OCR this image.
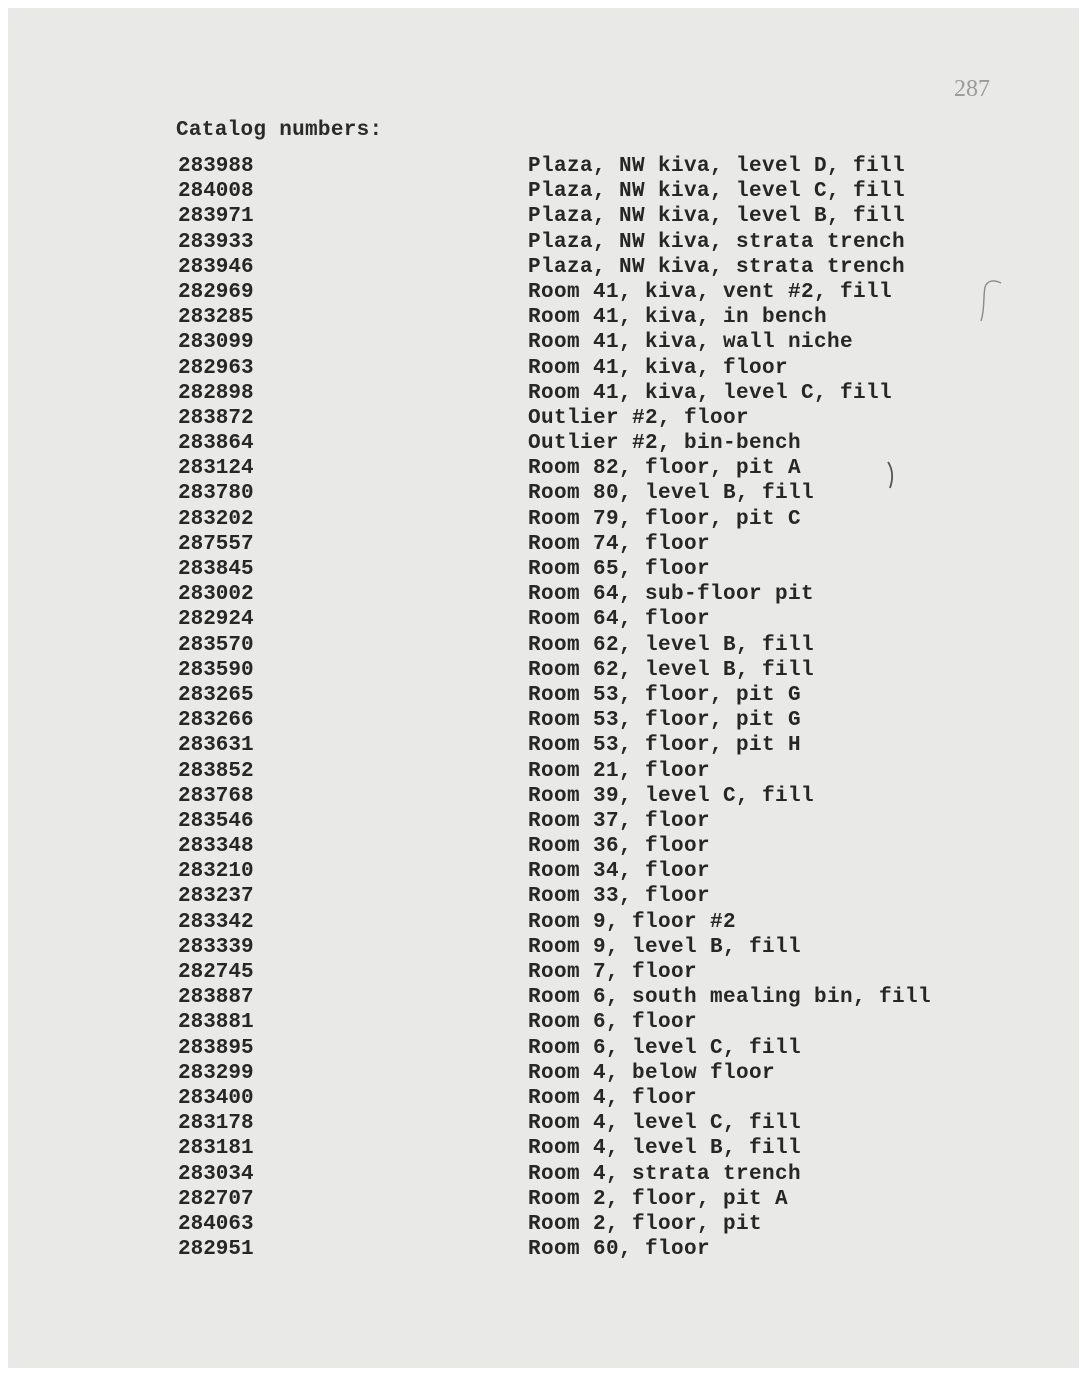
287
Catalog numbers:
283988	Plaza, NW kiva, level D, fill
284008	Plaza, NW kiva, level C, fill
283971	Plaza, NW kiva, level B, fill
283933	Plaza, NW kiva, strata trench
283946	Plaza, NW kiva, strata trench
282969	Room 41, kiva, vent #2, fill
283285	Room 41, kiva, in bench
283099	Room 41, kiva, wall niche
282963	Room 41, kiva, floor
282898	Room 41, kiva, level C, fill
283872	Outlier #2, floor
283864	Outlier #2, bin-bench
283124	Room 82, floor, pit A
283780	Room 80, level B, fill
283202	Room 79, floor, pit C
287557	Room 74, floor
283845	Room 65, floor
283002	Room 64, sub-floor pit
282924	Room 64, floor
283570	Room 62, level B, fill
283590	Room 62, level B, fill
283265	Room 53, floor, pit G
283266	Room 53, floor, pit G
283631	Room 53, floor, pit H
283852	Room 21, floor
283768	Room 39, level C, fill
283546	Room 37, floor
283348	Room 36, floor
283210	Room 34, floor
283237	Room 33, floor
283342	Room 9, floor #2
283339	Room 9, level B, fill
282745	Room 7, floor
283887	Room 6, south mealing bin, fill
283881	Room 6, floor
283895	Room 6, level C, fill
283299	Room 4, below floor
283400	Room 4, floor
283178	Room 4, level C, fill
283181	Room 4, level B, fill
283034	Room 4, strata trench
282707	Room 2, floor, pit A
284063	Room 2, floor, pit
282951	Room 60, floor
